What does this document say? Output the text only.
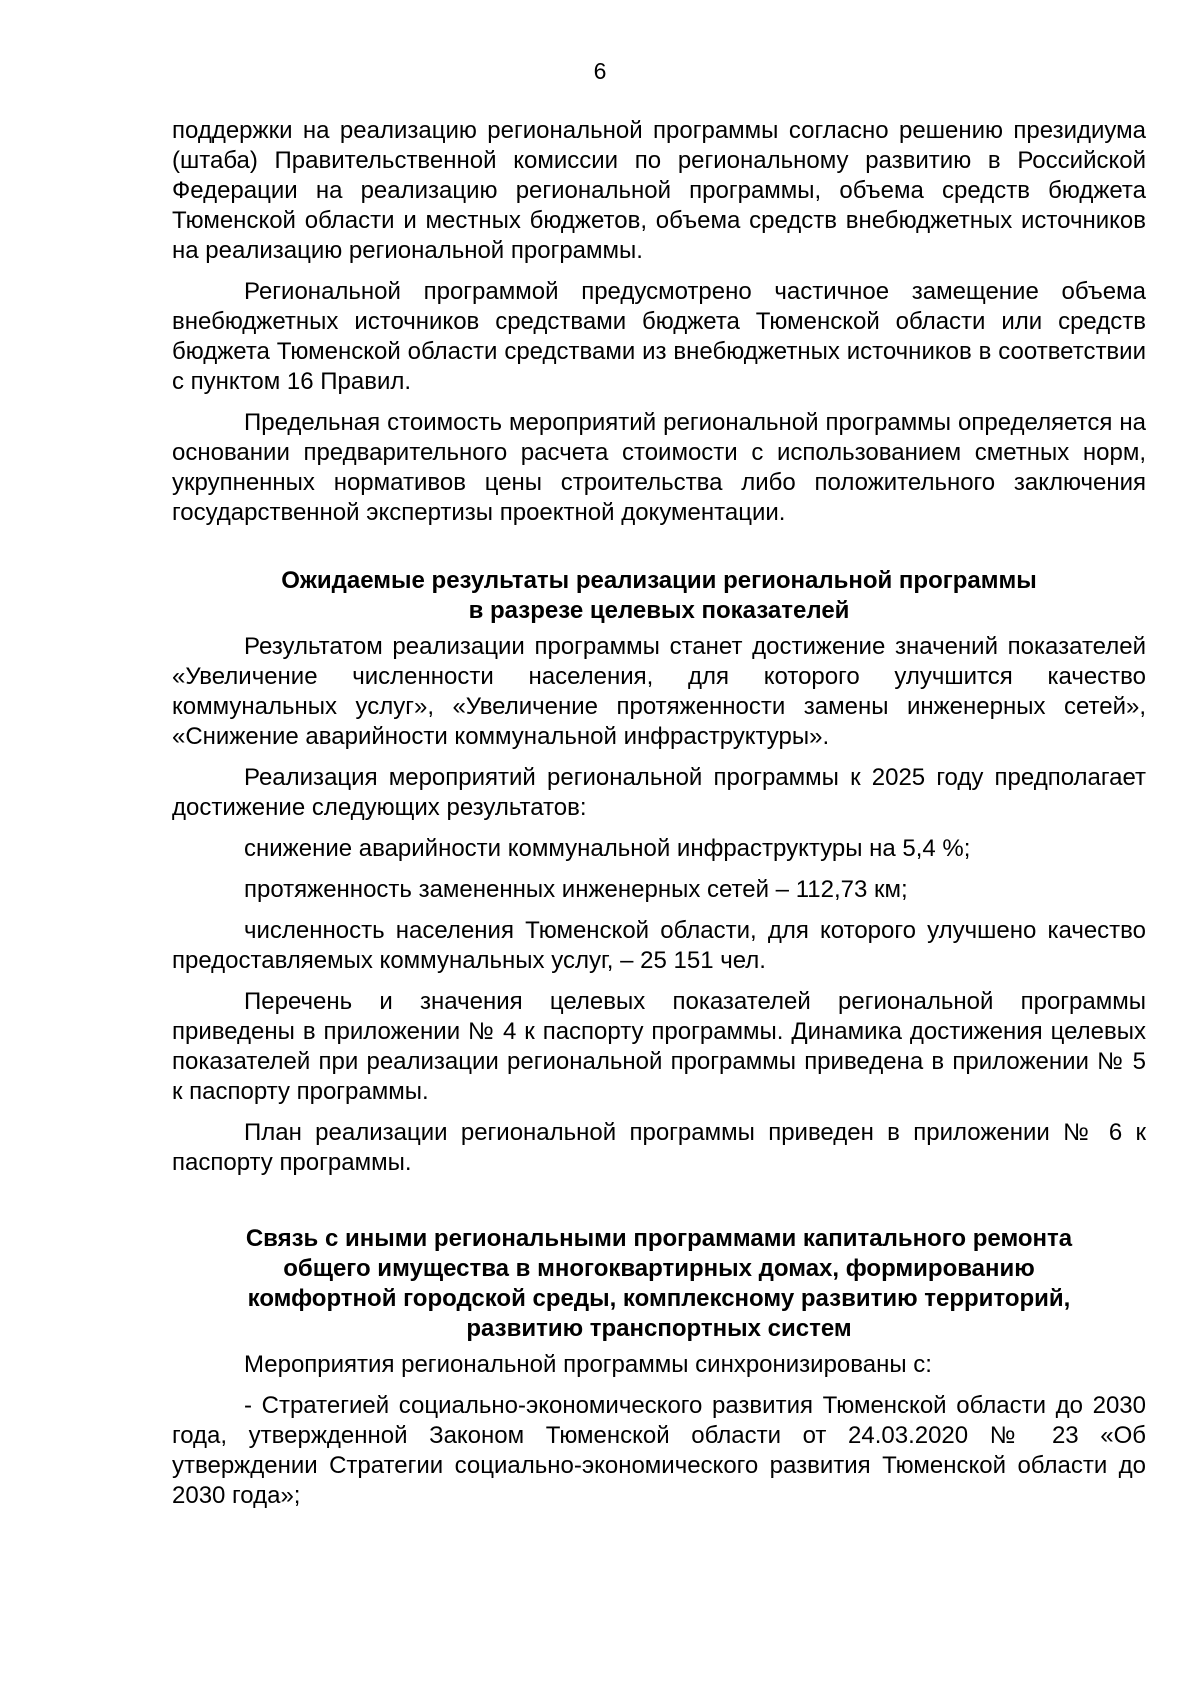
6

поддержки на реализацию региональной программы согласно решению президиума (штаба) Правительственной комиссии по региональному развитию в Российской Федерации на реализацию региональной программы, объема средств бюджета Тюменской области и местных бюджетов, объема средств внебюджетных источников на реализацию региональной программы.

Региональной программой предусмотрено частичное замещение объема внебюджетных источников средствами бюджета Тюменской области или средств бюджета Тюменской области средствами из внебюджетных источников в соответствии с пунктом 16 Правил.

Предельная стоимость мероприятий региональной программы определяется на основании предварительного расчета стоимости с использованием сметных норм, укрупненных нормативов цены строительства либо положительного заключения государственной экспертизы проектной документации.

Ожидаемые результаты реализации региональной программы
в разрезе целевых показателей

Результатом реализации программы станет достижение значений показателей «Увеличение численности населения, для которого улучшится качество коммунальных услуг», «Увеличение протяженности замены инженерных сетей», «Снижение аварийности коммунальной инфраструктуры».

Реализация мероприятий региональной программы к 2025 году предполагает достижение следующих результатов:

снижение аварийности коммунальной инфраструктуры на 5,4 %;

протяженность замененных инженерных сетей – 112,73 км;

численность населения Тюменской области, для которого улучшено качество предоставляемых коммунальных услуг, – 25 151 чел.

Перечень и значения целевых показателей региональной программы приведены в приложении № 4 к паспорту программы. Динамика достижения целевых показателей при реализации региональной программы приведена в приложении № 5 к паспорту программы.

План реализации региональной программы приведен в приложении № 6 к паспорту программы.

Связь с иными региональными программами капитального ремонта
общего имущества в многоквартирных домах, формированию
комфортной городской среды, комплексному развитию территорий,
развитию транспортных систем

Мероприятия региональной программы синхронизированы с:

- Стратегией социально-экономического развития Тюменской области до 2030 года, утвержденной Законом Тюменской области от 24.03.2020 № 23 «Об утверждении Стратегии социально-экономического развития Тюменской области до 2030 года»;
